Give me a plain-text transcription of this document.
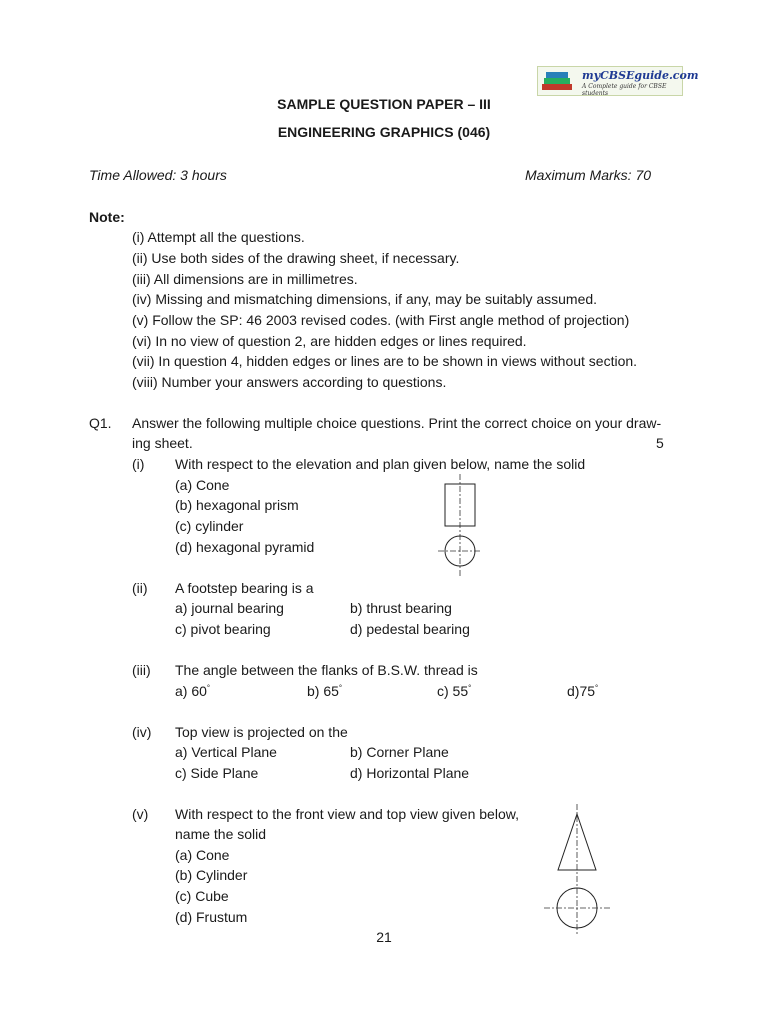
myCBSEguide.com
A Complete guide for CBSE students
SAMPLE QUESTION PAPER – III
ENGINEERING GRAPHICS (046)
Time Allowed: 3 hours	Maximum Marks: 70
Note:
(i) Attempt all the questions.
(ii) Use both sides of the drawing sheet, if necessary.
(iii) All dimensions are in millimetres.
(iv) Missing and mismatching dimensions, if any, may be suitably assumed.
(v) Follow the SP: 46 2003 revised codes. (with First angle method of projection)
(vi) In no view of question 2, are hidden edges or lines required.
(vii) In question 4, hidden edges or lines are to be shown in views without section.
(viii) Number your answers according to questions.
Q1. Answer the following multiple choice questions. Print the correct choice on your draw-
ing sheet.	5
(i) With respect to the elevation and plan given below, name the solid
(a) Cone
(b) hexagonal prism
(c) cylinder
(d) hexagonal pyramid
(ii) A footstep bearing is a
a) journal bearing	b) thrust bearing
c) pivot bearing	d) pedestal bearing
(iii) The angle between the flanks of B.S.W. thread is
a) 60°	b) 65°	c) 55°	d)75°
(iv) Top view is projected on the
a) Vertical Plane	b) Corner Plane
c) Side Plane	d) Horizontal Plane
(v) With respect to the front view and top view given below,
name the solid
(a) Cone
(b) Cylinder
(c) Cube
(d) Frustum
21
